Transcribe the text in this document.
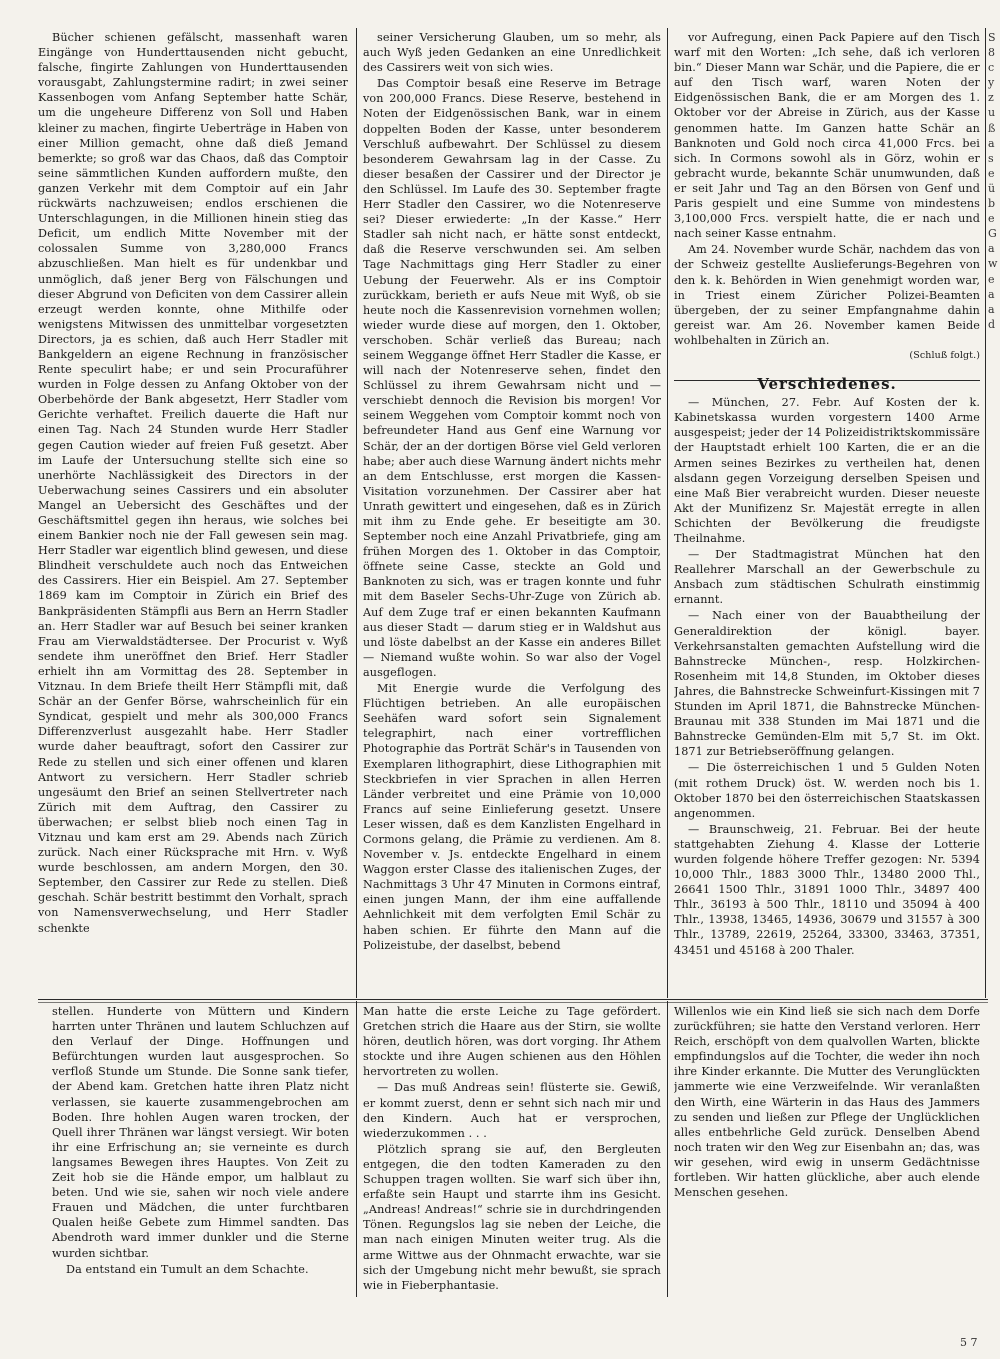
Bücher schienen gefälscht, massenhaft waren Eingänge von Hunderttausenden nicht gebucht, falsche, fingirte Zahlungen von Hunderttausenden vorausgabt, Zahlungstermine radirt; in zwei seiner Kassenbogen vom Anfang September hatte Schär, um die ungeheure Differenz von Soll und Haben kleiner zu machen, fingirte Ueberträge in Haben von einer Million gemacht, ohne daß dieß Jemand bemerkte; so groß war das Chaos, daß das Comptoir seine sämmtlichen Kunden auffordern mußte, den ganzen Verkehr mit dem Comptoir auf ein Jahr rückwärts nachzuweisen; endlos erschienen die Unterschlagungen, in die Millionen hinein stieg das Deficit, um endlich Mitte November mit der colossalen Summe von 3,280,000 Francs abzuschließen. Man hielt es für undenkbar und unmöglich, daß jener Berg von Fälschungen und dieser Abgrund von Deficiten von dem Cassirer allein erzeugt werden konnte, ohne Mithilfe oder wenigstens Mitwissen des unmittelbar vorgesetzten Directors, ja es schien, daß auch Herr Stadler mit Bankgeldern an eigene Rechnung in französischer Rente speculirt habe; er und sein Procuraführer wurden in Folge dessen zu Anfang Oktober von der Oberbehörde der Bank abgesetzt, Herr Stadler vom Gerichte verhaftet. Freilich dauerte die Haft nur einen Tag. Nach 24 Stunden wurde Herr Stadler gegen Caution wieder auf freien Fuß gesetzt. Aber im Laufe der Untersuchung stellte sich eine so unerhörte Nachlässigkeit des Directors in der Ueberwachung seines Cassirers und ein absoluter Mangel an Uebersicht des Geschäftes und der Geschäftsmittel gegen ihn heraus, wie solches bei einem Bankier noch nie der Fall gewesen sein mag. Herr Stadler war eigentlich blind gewesen, und diese Blindheit verschuldete auch noch das Entweichen des Cassirers. Hier ein Beispiel. Am 27. September 1869 kam im Comptoir in Zürich ein Brief des Bankpräsidenten Stämpfli aus Bern an Herrn Stadler an. Herr Stadler war auf Besuch bei seiner kranken Frau am Vierwaldstädtersee. Der Procurist v. Wyß sendete ihm uneröffnet den Brief. Herr Stadler erhielt ihn am Vormittag des 28. September in Vitznau. In dem Briefe theilt Herr Stämpfli mit, daß Schär an der Genfer Börse, wahrscheinlich für ein Syndicat, gespielt und mehr als 300,000 Francs Differenzverlust ausgezahlt habe. Herr Stadler wurde daher beauftragt, sofort den Cassirer zur Rede zu stellen und sich einer offenen und klaren Antwort zu versichern. Herr Stadler schrieb ungesäumt den Brief an seinen Stellvertreter nach Zürich mit dem Auftrag, den Cassirer zu überwachen; er selbst blieb noch einen Tag in Vitznau und kam erst am 29. Abends nach Zürich zurück. Nach einer Rücksprache mit Hrn. v. Wyß wurde beschlossen, am andern Morgen, den 30. September, den Cassirer zur Rede zu stellen. Dieß geschah. Schär bestritt bestimmt den Vorhalt, sprach von Namensverwechselung, und Herr Stadler schenkte

seiner Versicherung Glauben, um so mehr, als auch Wyß jeden Gedanken an eine Unredlichkeit des Cassirers weit von sich wies.

Das Comptoir besaß eine Reserve im Betrage von 200,000 Francs. Diese Reserve, bestehend in Noten der Eidgenössischen Bank, war in einem doppelten Boden der Kasse, unter besonderem Verschluß aufbewahrt. Der Schlüssel zu diesem besonderem Gewahrsam lag in der Casse. Zu dieser besaßen der Cassirer und der Director je den Schlüssel. Im Laufe des 30. September fragte Herr Stadler den Cassirer, wo die Notenreserve sei? Dieser erwiederte: „In der Kasse.“ Herr Stadler sah nicht nach, er hätte sonst entdeckt, daß die Reserve verschwunden sei. Am selben Tage Nachmittags ging Herr Stadler zu einer Uebung der Feuerwehr. Als er ins Comptoir zurückkam, berieth er aufs Neue mit Wyß, ob sie heute noch die Kassenrevision vornehmen wollen; wieder wurde diese auf morgen, den 1. Oktober, verschoben. Schär verließ das Bureau; nach seinem Weggange öffnet Herr Stadler die Kasse, er will nach der Notenreserve sehen, findet den Schlüssel zu ihrem Gewahrsam nicht und — verschiebt dennoch die Revision bis morgen! Vor seinem Weggehen vom Comptoir kommt noch von befreundeter Hand aus Genf eine Warnung vor Schär, der an der dortigen Börse viel Geld verloren habe; aber auch diese Warnung ändert nichts mehr an dem Entschlusse, erst morgen die Kassen-Visitation vorzunehmen. Der Cassirer aber hat Unrath gewittert und eingesehen, daß es in Zürich mit ihm zu Ende gehe. Er beseitigte am 30. September noch eine Anzahl Privatbriefe, ging am frühen Morgen des 1. Oktober in das Comptoir, öffnete seine Casse, steckte an Gold und Banknoten zu sich, was er tragen konnte und fuhr mit dem Baseler Sechs-Uhr-Zuge von Zürich ab. Auf dem Zuge traf er einen bekannten Kaufmann aus dieser Stadt — darum stieg er in Waldshut aus und löste dabelbst an der Kasse ein anderes Billet — Niemand wußte wohin. So war also der Vogel ausgeflogen.

Mit Energie wurde die Verfolgung des Flüchtigen betrieben. An alle europäischen Seehäfen ward sofort sein Signalement telegraphirt, nach einer vortrefflichen Photographie das Porträt Schär's in Tausenden von Exemplaren lithographirt, diese Lithographien mit Steckbriefen in vier Sprachen in allen Herren Länder verbreitet und eine Prämie von 10,000 Francs auf seine Einlieferung gesetzt. Unsere Leser wissen, daß es dem Kanzlisten Engelhard in Cormons gelang, die Prämie zu verdienen. Am 8. November v. Js. entdeckte Engelhard in einem Waggon erster Classe des italienischen Zuges, der Nachmittags 3 Uhr 47 Minuten in Cormons eintraf, einen jungen Mann, der ihm eine auffallende Aehnlichkeit mit dem verfolgten Emil Schär zu haben schien. Er führte den Mann auf die Polizeistube, der daselbst, bebend

vor Aufregung, einen Pack Papiere auf den Tisch warf mit den Worten: „Ich sehe, daß ich verloren bin.“ Dieser Mann war Schär, und die Papiere, die er auf den Tisch warf, waren Noten der Eidgenössischen Bank, die er am Morgen des 1. Oktober vor der Abreise in Zürich, aus der Kasse genommen hatte. Im Ganzen hatte Schär an Banknoten und Gold noch circa 41,000 Frcs. bei sich. In Cormons sowohl als in Görz, wohin er gebracht wurde, bekannte Schär unumwunden, daß er seit Jahr und Tag an den Börsen von Genf und Paris gespielt und eine Summe von mindestens 3,100,000 Frcs. verspielt hatte, die er nach und nach seiner Kasse entnahm.

Am 24. November wurde Schär, nachdem das von der Schweiz gestellte Auslieferungs-Begehren von den k. k. Behörden in Wien genehmigt worden war, in Triest einem Züricher Polizei-Beamten übergeben, der zu seiner Empfangnahme dahin gereist war. Am 26. November kamen Beide wohlbehalten in Zürich an.

(Schluß folgt.)
Verschiedenes.

— München, 27. Febr. Auf Kosten der k. Kabinetskassa wurden vorgestern 1400 Arme ausgespeist; jeder der 14 Polizeidistriktskommissäre der Hauptstadt erhielt 100 Karten, die er an die Armen seines Bezirkes zu vertheilen hat, denen alsdann gegen Vorzeigung derselben Speisen und eine Maß Bier verabreicht wurden. Dieser neueste Akt der Munifizenz Sr. Majestät erregte in allen Schichten der Bevölkerung die freudigste Theilnahme.

— Der Stadtmagistrat München hat den Reallehrer Marschall an der Gewerbschule zu Ansbach zum städtischen Schulrath einstimmig ernannt.

— Nach einer von der Bauabtheilung der Generaldirektion der königl. bayer. Verkehrsanstalten gemachten Aufstellung wird die Bahnstrecke München-, resp. Holzkirchen-Rosenheim mit 14,8 Stunden, im Oktober dieses Jahres, die Bahnstrecke Schweinfurt-Kissingen mit 7 Stunden im April 1871, die Bahnstrecke München-Braunau mit 338 Stunden im Mai 1871 und die Bahnstrecke Gemünden-Elm mit 5,7 St. im Okt. 1871 zur Betriebseröffnung gelangen.

— Die österreichischen 1 und 5 Gulden Noten (mit rothem Druck) öst. W. werden noch bis 1. Oktober 1870 bei den österreichischen Staatskassen angenommen.

— Braunschweig, 21. Februar. Bei der heute stattgehabten Ziehung 4. Klasse der Lotterie wurden folgende höhere Treffer gezogen: Nr. 5394 10,000 Thlr., 1883 3000 Thlr., 13480 2000 Thl., 26641 1500 Thlr., 31891 1000 Thlr., 34897 400 Thlr., 36193 à 500 Thlr., 18110 und 35094 à 400 Thlr., 13938, 13465, 14936, 30679 und 31557 à 300 Thlr., 13789, 22619, 25264, 33300, 33463, 37351, 43451 und 45168 à 200 Thaler.

stellen. Hunderte von Müttern und Kindern harrten unter Thränen und lautem Schluchzen auf den Verlauf der Dinge. Hoffnungen und Befürchtungen wurden laut ausgesprochen. So verfloß Stunde um Stunde. Die Sonne sank tiefer, der Abend kam. Gretchen hatte ihren Platz nicht verlassen, sie kauerte zusammengebrochen am Boden. Ihre hohlen Augen waren trocken, der Quell ihrer Thränen war längst versiegt. Wir boten ihr eine Erfrischung an; sie verneinte es durch langsames Bewegen ihres Hauptes. Von Zeit zu Zeit hob sie die Hände empor, um halblaut zu beten. Und wie sie, sahen wir noch viele andere Frauen und Mädchen, die unter furchtbaren Qualen heiße Gebete zum Himmel sandten. Das Abendroth ward immer dunkler und die Sterne wurden sichtbar.

Da entstand ein Tumult an dem Schachte.

Man hatte die erste Leiche zu Tage gefördert. Gretchen strich die Haare aus der Stirn, sie wollte hören, deutlich hören, was dort vorging. Ihr Athem stockte und ihre Augen schienen aus den Höhlen hervortreten zu wollen.

— Das muß Andreas sein! flüsterte sie. Gewiß, er kommt zuerst, denn er sehnt sich nach mir und den Kindern. Auch hat er versprochen, wiederzukommen . . .

Plötzlich sprang sie auf, den Bergleuten entgegen, die den todten Kameraden zu den Schuppen tragen wollten. Sie warf sich über ihn, erfaßte sein Haupt und starrte ihm ins Gesicht. „Andreas! Andreas!“ schrie sie in durchdringenden Tönen. Regungslos lag sie neben der Leiche, die man nach einigen Minuten weiter trug. Als die arme Wittwe aus der Ohnmacht erwachte, war sie sich der Umgebung nicht mehr bewußt, sie sprach wie in Fieberphantasie.

Willenlos wie ein Kind ließ sie sich nach dem Dorfe zurückführen; sie hatte den Verstand verloren. Herr Reich, erschöpft von dem qualvollen Warten, blickte empfindungslos auf die Tochter, die weder ihn noch ihre Kinder erkannte. Die Mutter des Verunglückten jammerte wie eine Verzweifelnde. Wir veranlaßten den Wirth, eine Wärterin in das Haus des Jammers zu senden und ließen zur Pflege der Unglücklichen alles entbehrliche Geld zurück. Denselben Abend noch traten wir den Weg zur Eisenbahn an; das, was wir gesehen, wird ewig in unserm Gedächtnisse fortleben. Wir hatten glückliche, aber auch elende Menschen gesehen.

S
8
c
y
z
u
ß
a
s
e
ü
b
e
G
a
w
e
a
a
d
5 7
